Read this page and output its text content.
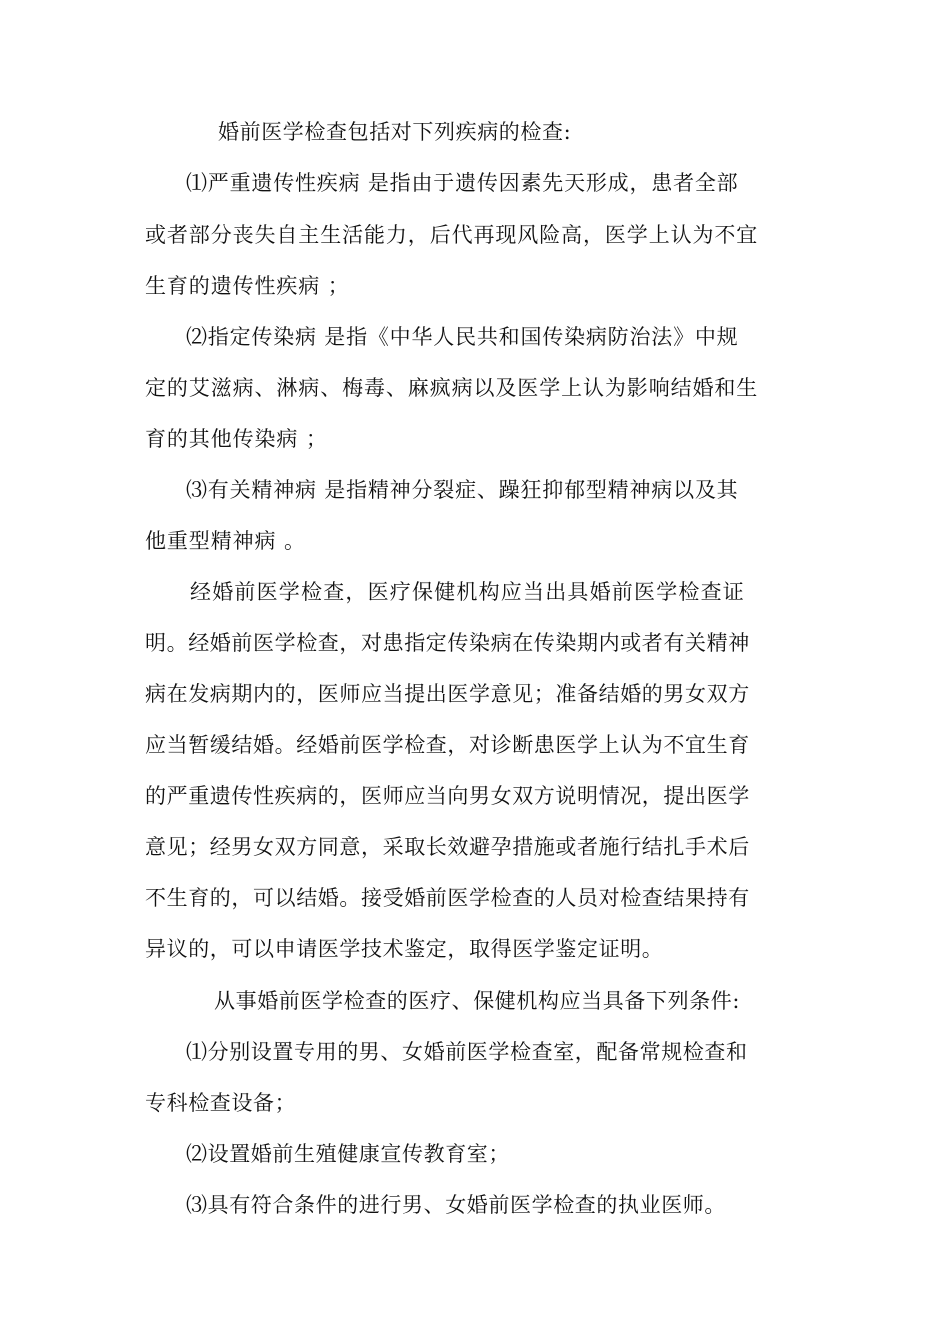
婚前医学检查包括对下列疾病的检查:
⑴严重遗传性疾病 是指由于遗传因素先天形成，患者全部
或者部分丧失自主生活能力，后代再现风险高，医学上认为不宜
生育的遗传性疾病 ；
⑵指定传染病 是指《中华人民共和国传染病防治法》中规
定的艾滋病、淋病、梅毒、麻疯病以及医学上认为影响结婚和生
育的其他传染病 ；
⑶有关精神病 是指精神分裂症、躁狂抑郁型精神病以及其
他重型精神病 。
经婚前医学检查，医疗保健机构应当出具婚前医学检查证
明。经婚前医学检查，对患指定传染病在传染期内或者有关精神
病在发病期内的，医师应当提出医学意见；准备结婚的男女双方
应当暂缓结婚。经婚前医学检查，对诊断患医学上认为不宜生育
的严重遗传性疾病的，医师应当向男女双方说明情况，提出医学
意见；经男女双方同意，采取长效避孕措施或者施行结扎手术后
不生育的，可以结婚。接受婚前医学检查的人员对检查结果持有
异议的，可以申请医学技术鉴定，取得医学鉴定证明。
从事婚前医学检查的医疗、保健机构应当具备下列条件:
⑴分别设置专用的男、女婚前医学检查室，配备常规检查和
专科检查设备；
⑵设置婚前生殖健康宣传教育室；
⑶具有符合条件的进行男、女婚前医学检查的执业医师。
